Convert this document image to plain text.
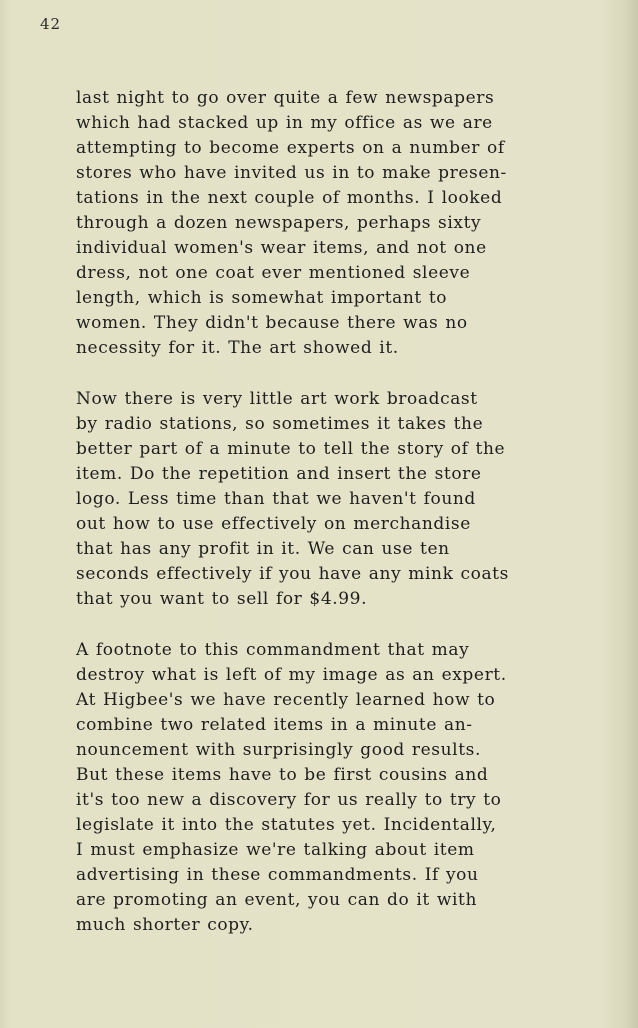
42
last night to go over quite a few newspapers
which had stacked up in my office as we are
attempting to become experts on a number of
stores who have invited us in to make presen-
tations in the next couple of months. I looked
through a dozen newspapers, perhaps sixty
individual women's wear items, and not one
dress, not one coat ever mentioned sleeve
length, which is somewhat important to
women. They didn't because there was no
necessity for it. The art showed it.
Now there is very little art work broadcast
by radio stations, so sometimes it takes the
better part of a minute to tell the story of the
item. Do the repetition and insert the store
logo. Less time than that we haven't found
out how to use effectively on merchandise
that has any profit in it. We can use ten
seconds effectively if you have any mink coats
that you want to sell for $4.99.
A footnote to this commandment that may
destroy what is left of my image as an expert.
At Higbee's we have recently learned how to
combine two related items in a minute an-
nouncement with surprisingly good results.
But these items have to be first cousins and
it's too new a discovery for us really to try to
legislate it into the statutes yet. Incidentally,
I must emphasize we're talking about item
advertising in these commandments. If you
are promoting an event, you can do it with
much shorter copy.
